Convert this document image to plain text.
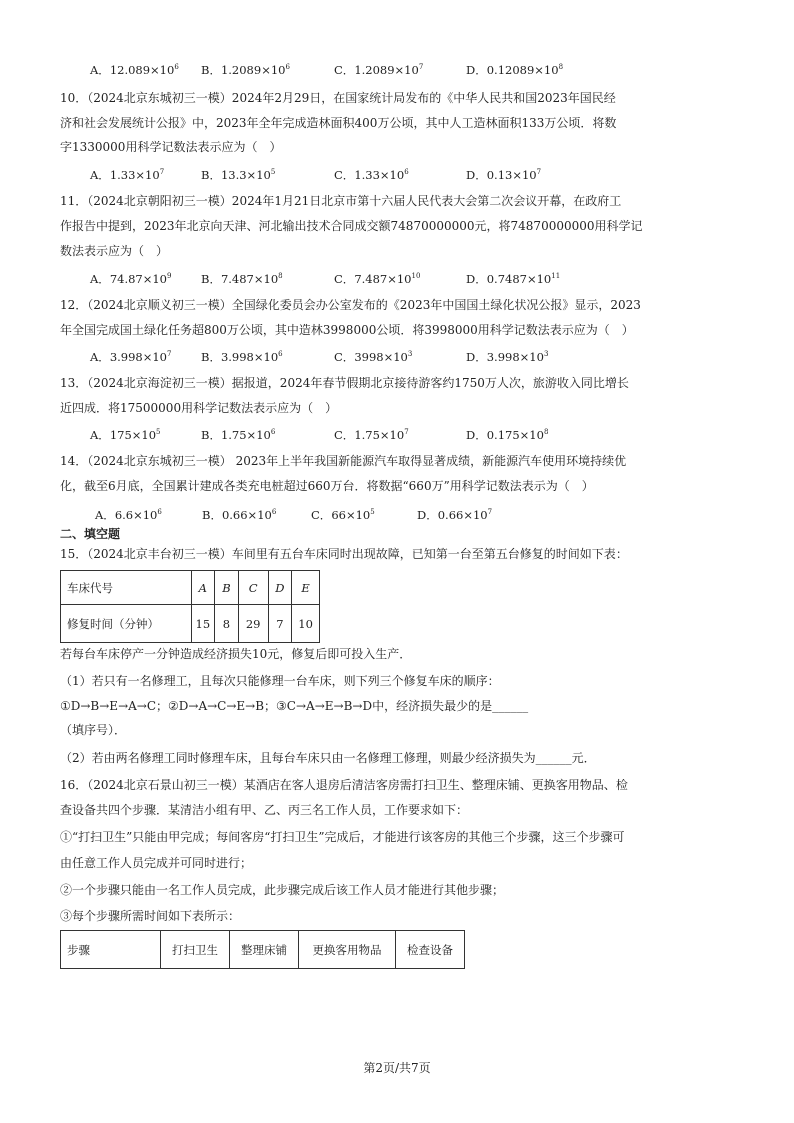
A．$12.089\times 10^6$ B．$1.2089\times 10^6$	C．$1.2089\times 10^7$	D．$0.12089\times 10^8$
10．（2024北京东城初三一模）2024年2月29日，在国家统计局发布的《中华人民共和国2023年国民经
济和社会发展统计公报》中，2023年全年完成造林面积400万公顷，其中人工造林面积133万公顷．将数
字1330000用科学记数法表示应为（　）
A．$1.33\times 10^7$	B．$13.3\times 10^5$	C．$1.33\times 10^6$	D．$0.13\times 10^7$
11．（2024北京朝阳初三一模）2024年1月21日北京市第十六届人民代表大会第二次会议开幕，在政府工
作报告中提到，2023年北京向天津、河北输出技术合同成交额74870000000元，将74870000000用科学记
数法表示应为（　）
A．$74.87\times 10^9$	B．$7.487\times 10^8$	C．$7.487\times 10^{10}$	D．$0.7487\times 10^{11}$
12．（2024北京顺义初三一模）全国绿化委员会办公室发布的《2023年中国国土绿化状况公报》显示，2023
年全国完成国土绿化任务超800万公顷，其中造林3998000公顷．将3998000用科学记数法表示应为（　）
A．$3.998\times 10^7$	B．$3.998\times 10^6$	C．$3998\times 10^3$	D．$3.998\times 10^3$
13．（2024北京海淀初三一模）据报道，2024年春节假期北京接待游客约1750万人次，旅游收入同比增长
近四成．将17500000用科学记数法表示应为（　）
A．$175\times 10^5$	B．$1.75\times 10^6$	C．$1.75\times 10^7$	D．$0.175\times 10^8$
14．（2024北京东城初三一模） 2023年上半年我国新能源汽车取得显著成绩，新能源汽车使用环境持续优
化，截至6月底，全国累计建成各类充电桩超过660万台．将数据“660万”用科学记数法表示为（　）
A．$6.6\times 10^6$	B．$0.66\times 10^6$	C．$66\times 10^5$	D．$0.66\times 10^7$
二、填空题
15．（2024北京丰台初三一模）车间里有五台车床同时出现故障，已知第一台至第五台修复的时间如下表：
车床代号	A	B	C	D	E
修复时间（分钟）	15	8	29	7	10
若每台车床停产一分钟造成经济损失10元，修复后即可投入生产．
（1）若只有一名修理工，且每次只能修理一台车床，则下列三个修复车床的顺序：
①D→B→E→A→C；②D→A→C→E→B；③C→A→E→B→D中，经济损失最少的是______
（填序号）．
（2）若由两名修理工同时修理车床，且每台车床只由一名修理工修理，则最少经济损失为______元．
16．（2024北京石景山初三一模）某酒店在客人退房后清洁客房需打扫卫生、整理床铺、更换客用物品、检
查设备共四个步骤．某清洁小组有甲、乙、丙三名工作人员，工作要求如下：
①“打扫卫生”只能由甲完成；每间客房“打扫卫生”完成后，才能进行该客房的其他三个步骤，这三个步骤可
由任意工作人员完成并可同时进行；
②一个步骤只能由一名工作人员完成，此步骤完成后该工作人员才能进行其他步骤；
③每个步骤所需时间如下表所示：
步骤	打扫卫生	整理床铺	更换客用物品	检查设备
第2页/共7页
